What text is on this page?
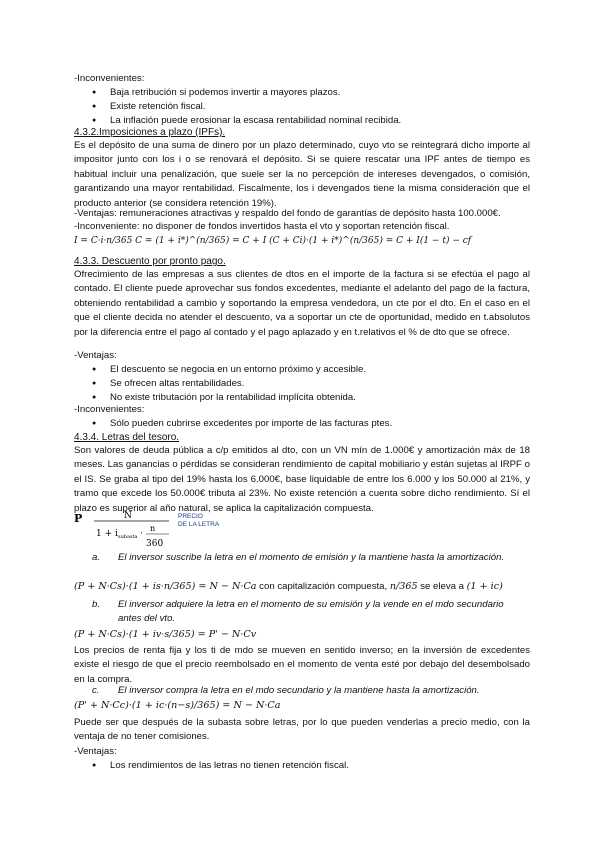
-Inconvenientes:
Baja retribución si podemos invertir a mayores plazos.
Existe retención fiscal.
La inflación puede erosionar la escasa rentabilidad nominal recibida.
4.3.2.Imposiciones a plazo (IPFs).
Es el depósito de una suma de dinero por un plazo determinado, cuyo vto se reintegrará dicho importe al impositor junto con los i o se renovará el depósito. Si se quiere rescatar una IPF antes de tiempo es habitual incluir una penalización, que suele ser la no percepción de intereses devengados, o comisión, garantizando una mayor rentabilidad. Fiscalmente, los i devengados tiene la misma consideración que el producto anterior (se considera retención 19%).
-Ventajas: remuneraciones atractivas y respaldo del fondo de garantías de depósito hasta 100.000€.
-Inconveniente: no disponer de fondos invertidos hasta el vto y soportan retención fiscal.
I = C·i·n/365 C = (1 + i*)^(n/365) = C + I (C + Ci)·(1 + i*)^(n/365) = C + I(1 − t) − cf
4.3.3. Descuento por pronto pago.
Ofrecimiento de las empresas a sus clientes de dtos en el importe de la factura si se efectúa el pago al contado. El cliente puede aprovechar sus fondos excedentes, mediante el adelanto del pago de la factura, obteniendo rentabilidad a cambio y soportando la empresa vendedora, un cte por el dto. En el caso en el que el cliente decida no atender el descuento, va a soportar un cte de oportunidad, medido en t.absolutos por la diferencia entre el pago al contado y el pago aplazado y en t.relativos el % de dto que se ofrece.
-Ventajas:
El descuento se negocia en un entorno próximo y accesible.
Se ofrecen altas rentabilidades.
No existe tributación por la rentabilidad implícita obtenida.
-Inconvenientes:
Sólo pueden cubrirse excedentes por importe de las facturas ptes.
4.3.4. Letras del tesoro.
Son valores de deuda pública a c/p emitidos al dto, con un VN mín de 1.000€ y amortización máx de 18 meses. Las ganancias o pérdidas se consideran rendimiento de capital mobiliario y están sujetas al IRPF o el IS. Se graba al tipo del 19% hasta los 6.000€, base liquidable de entre los 6.000 y los 50.000 al 21%, y tramo que excede los 50.000€ tributa al 23%. No existe retención a cuenta sobre dicho rendimiento. Sí el plazo es superior al año natural, se aplica la capitalización compuesta.
P	N
n
1 + i subasta ·
360
PRECIO
DE LA LETRA
a. El inversor suscribe la letra en el momento de emisión y la mantiene hasta la amortización.
(P + N·Cs)·(1 + is·n/365) = N − N·Ca con capitalización compuesta, n/365 se eleva a (1 + ic)
b. El inversor adquiere la letra en el momento de su emisión y la vende en el mdo secundario antes del vto.
(P + N·Cs)·(1 + iv·s/365) = P' − N·Cv
Los precios de renta fija y los ti de mdo se mueven en sentido inverso; en la inversión de excedentes existe el riesgo de que el precio reembolsado en el momento de venta esté por debajo del desembolsado en la compra.
c. El inversor compra la letra en el mdo secundario y la mantiene hasta la amortización.
(P' + N·Cc)·(1 + ic·(n−s)/365) = N − N·Ca
Puede ser que después de la subasta sobre letras, por lo que pueden venderlas a precio medio, con la ventaja de no tener comisiones.
-Ventajas:
Los rendimientos de las letras no tienen retención fiscal.
